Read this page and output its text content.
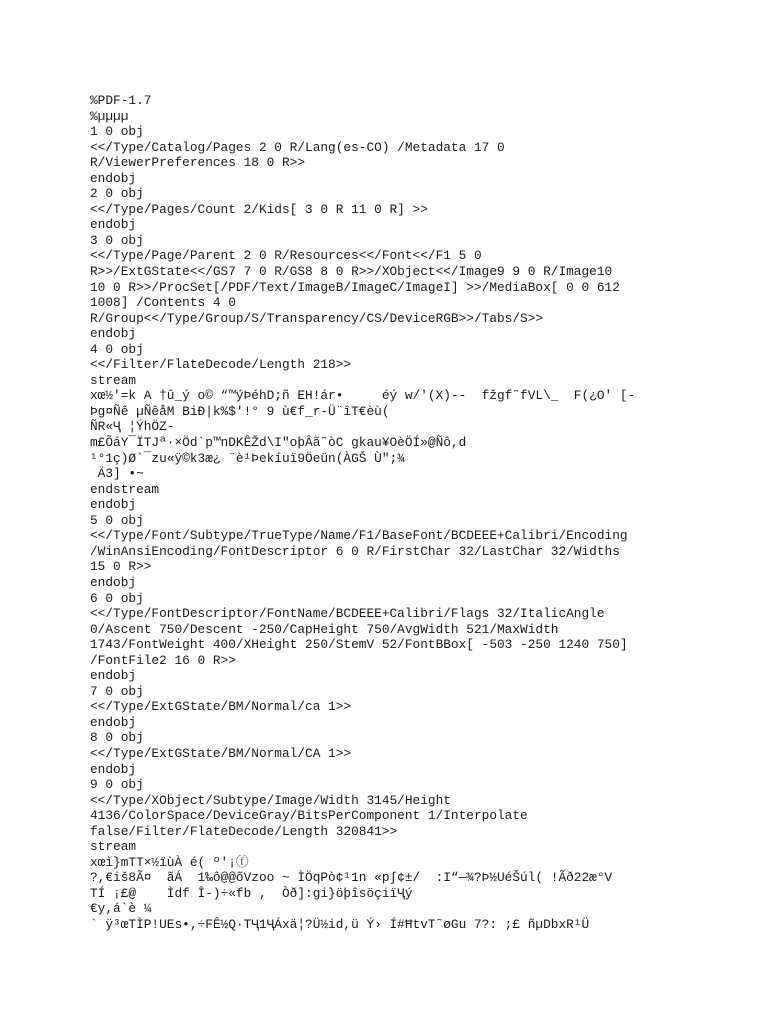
%PDF-1.7
%µµµµ
1 0 obj
<</Type/Catalog/Pages 2 0 R/Lang(es-CO) /Metadata 17 0
R/ViewerPreferences 18 0 R>>
endobj
2 0 obj
<</Type/Pages/Count 2/Kids[ 3 0 R 11 0 R] >>
endobj
3 0 obj
<</Type/Page/Parent 2 0 R/Resources<</Font<</F1 5 0
R>>/ExtGState<</GS7 7 0 R/GS8 8 0 R>>/XObject<</Image9 9 0 R/Image10
10 0 R>>/ProcSet[/PDF/Text/ImageB/ImageC/ImageI] >>/MediaBox[ 0 0 612
1008] /Contents 4 0
R/Group<</Type/Group/S/Transparency/CS/DeviceRGB>>/Tabs/S>>
endobj
4 0 obj
<</Filter/FlateDecode/Length 218>>
stream
xœ½'=k A †û_ý o© “™ýÞéhD;ñ EH!ár•     éý w/'(X)--  fžgf˜fVL\_  F(¿O' [-
Þg¤Ñê µÑêåM BiÐ|k%$'!° 9 ù€f_r-Ü¨îT€èù(
ÑR«Ҷ ¦ÝhÖZ-
m£ÕáY¯ÏTJª·×Öd`p™nDKÊŽd\I"oþÂã˜òC gkau¥OèÖÍ»@Ñô,d
¹°1ç)Ø`¯zu«ÿ©k3æ¿ ¨è¹Þekíuï9Öeün(ÀGŠ Ù";¾
Ä3] •~
endstream
endobj
5 0 obj
<</Type/Font/Subtype/TrueType/Name/F1/BaseFont/BCDEEE+Calibri/Encoding
/WinAnsiEncoding/FontDescriptor 6 0 R/FirstChar 32/LastChar 32/Widths
15 0 R>>
endobj
6 0 obj
<</Type/FontDescriptor/FontName/BCDEEE+Calibri/Flags 32/ItalicAngle
0/Ascent 750/Descent -250/CapHeight 750/AvgWidth 521/MaxWidth
1743/FontWeight 400/XHeight 250/StemV 52/FontBBox[ -503 -250 1240 750]
/FontFile2 16 0 R>>
endobj
7 0 obj
<</Type/ExtGState/BM/Normal/ca 1>>
endobj
8 0 obj
<</Type/ExtGState/BM/Normal/CA 1>>
endobj
9 0 obj
<</Type/XObject/Subtype/Image/Width 3145/Height
4136/ColorSpace/DeviceGray/BitsPerComponent 1/Interpolate
false/Filter/FlateDecode/Length 320841>>
stream
xœì}mTT×½ïùÀ é( º'¡ⓕ
?,€iš8Ã¤  ãÁ  1‰ô@@õVzoo ~ ÌÖqPò¢¹1n «p∫¢±/  :I“—¾?Þ½UéŠúl( !Ãð22æ°V
TÍ ¡£@    Ìdf Î-)÷«fb ,  Òð]:gi}öþîsöçiïҶý
€y,á`è ¼
` ÿ³œTÌP!UEs•,÷FÊ½Q·TҶ1ҶÁxä¦?Ü½id,ü Ý› Í#ĦtvT˜øGu 7?: ;£ ñµDbxR¹Ü
